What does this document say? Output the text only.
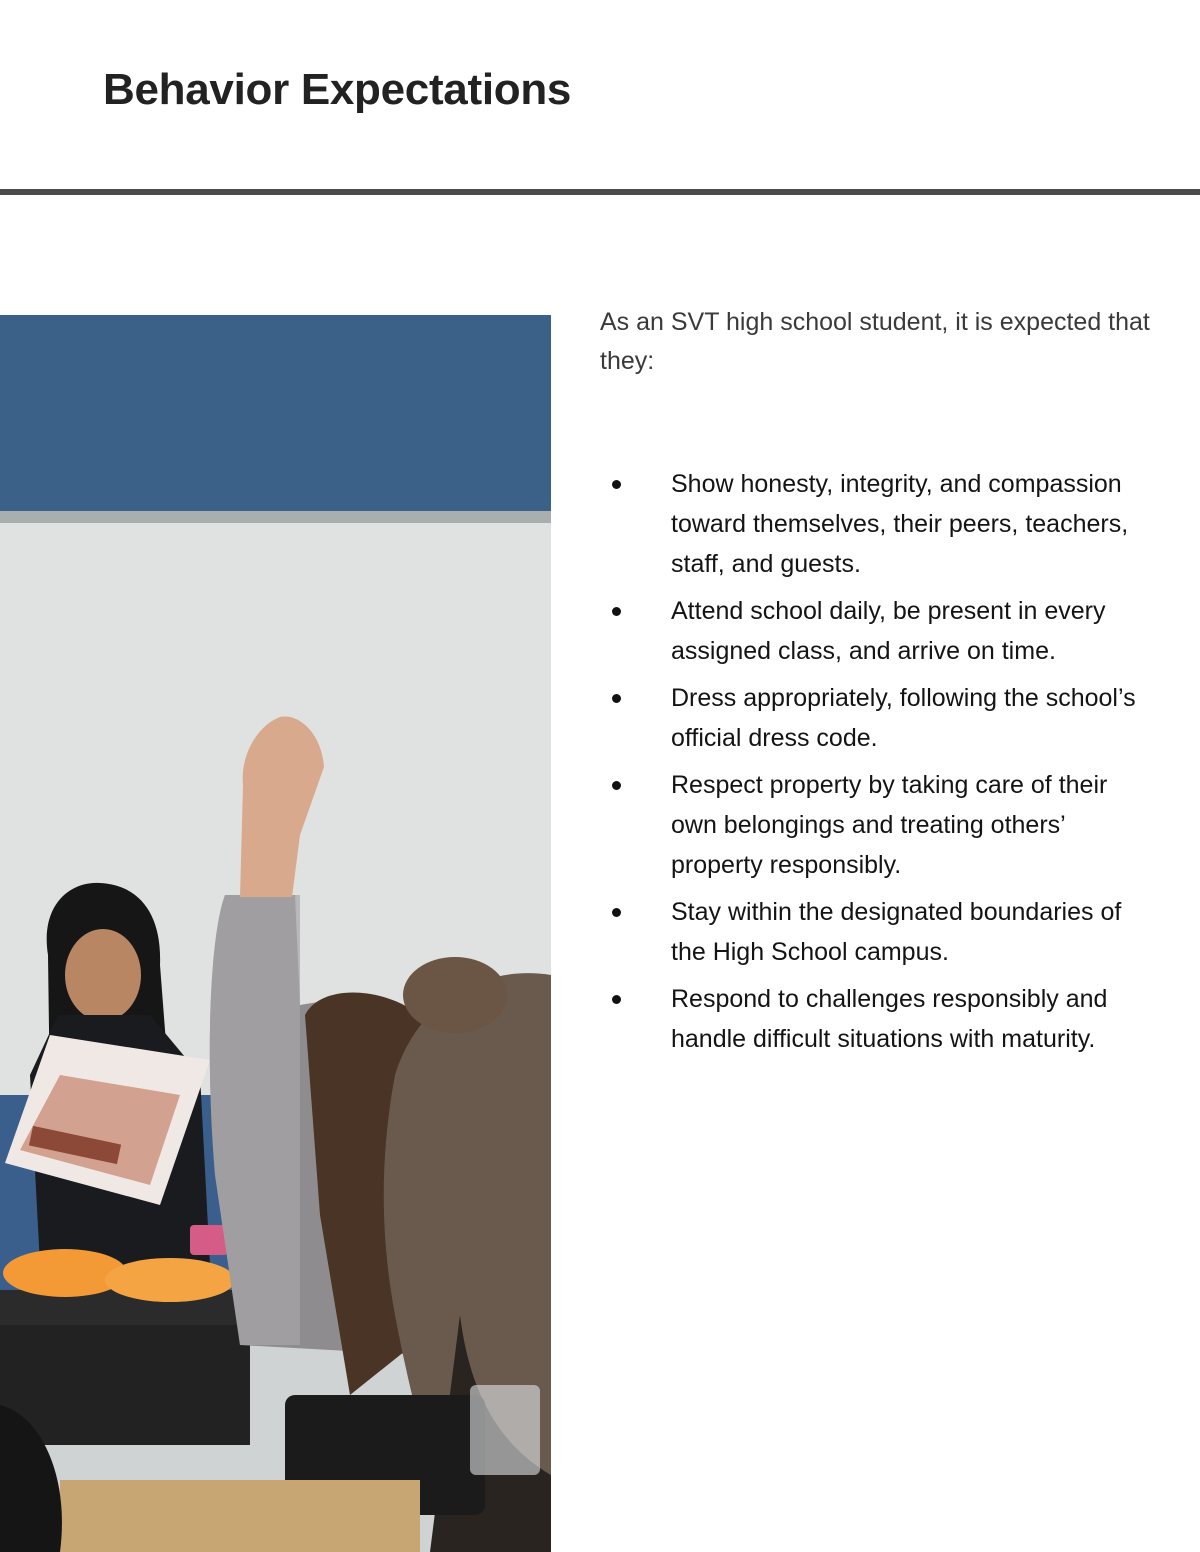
Behavior Expectations

As an SVT high school student, it is expected that they:

Show honesty, integrity, and compassion toward themselves, their peers, teachers, staff, and guests.
Attend school daily, be present in every assigned class, and arrive on time.
Dress appropriately, following the school’s official dress code.
Respect property by taking care of their own belongings and treating others’ property responsibly.
Stay within the designated boundaries of the High School campus.
Respond to challenges responsibly and handle difficult situations with maturity.
